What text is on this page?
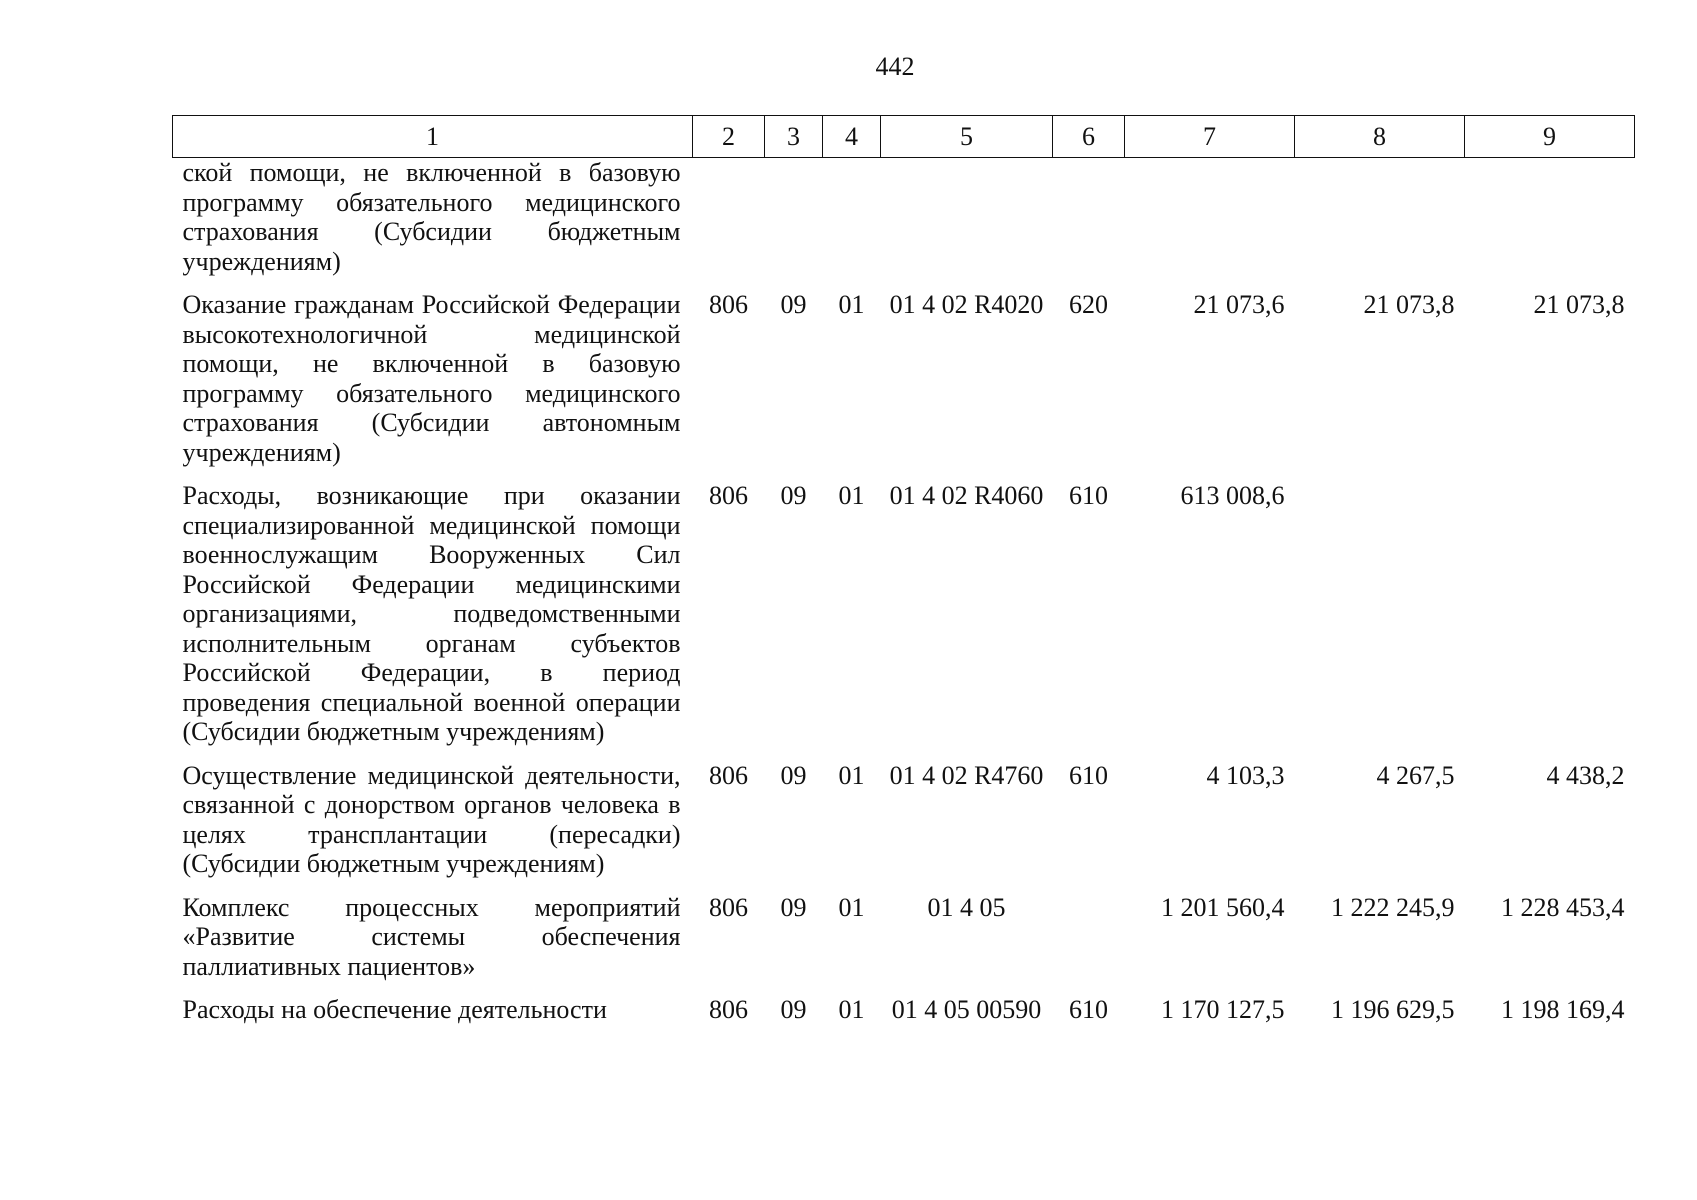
442
1	2	3	4	5	6	7	8	9
ской помощи, не включенной в базовую программу обязательного медицинского страхования (Субсидии бюджетным учреждениям)								
Оказание гражданам Российской Федерации высокотехнологичной медицинской помощи, не включенной в базовую программу обязательного медицинского страхования (Субсидии автономным учреждениям)	806	09	01	01 4 02 R4020	620	21 073,6	21 073,8	21 073,8
Расходы, возникающие при оказании специализированной медицинской помощи военнослужащим Вооруженных Сил Российской Федерации медицинскими организациями, подведомственными исполнительным органам субъектов Российской Федерации, в период проведения специальной военной операции (Субсидии бюджетным учреждениям)	806	09	01	01 4 02 R4060	610	613 008,6		
Осуществление медицинской деятельности, связанной с донорством органов человека в целях трансплантации (пересадки) (Субсидии бюджетным учреждениям)	806	09	01	01 4 02 R4760	610	4 103,3	4 267,5	4 438,2
Комплекс процессных мероприятий «Развитие системы обеспечения паллиативных пациентов»	806	09	01	01 4 05		1 201 560,4	1 222 245,9	1 228 453,4
Расходы на обеспечение деятельности	806	09	01	01 4 05 00590	610	1 170 127,5	1 196 629,5	1 198 169,4
